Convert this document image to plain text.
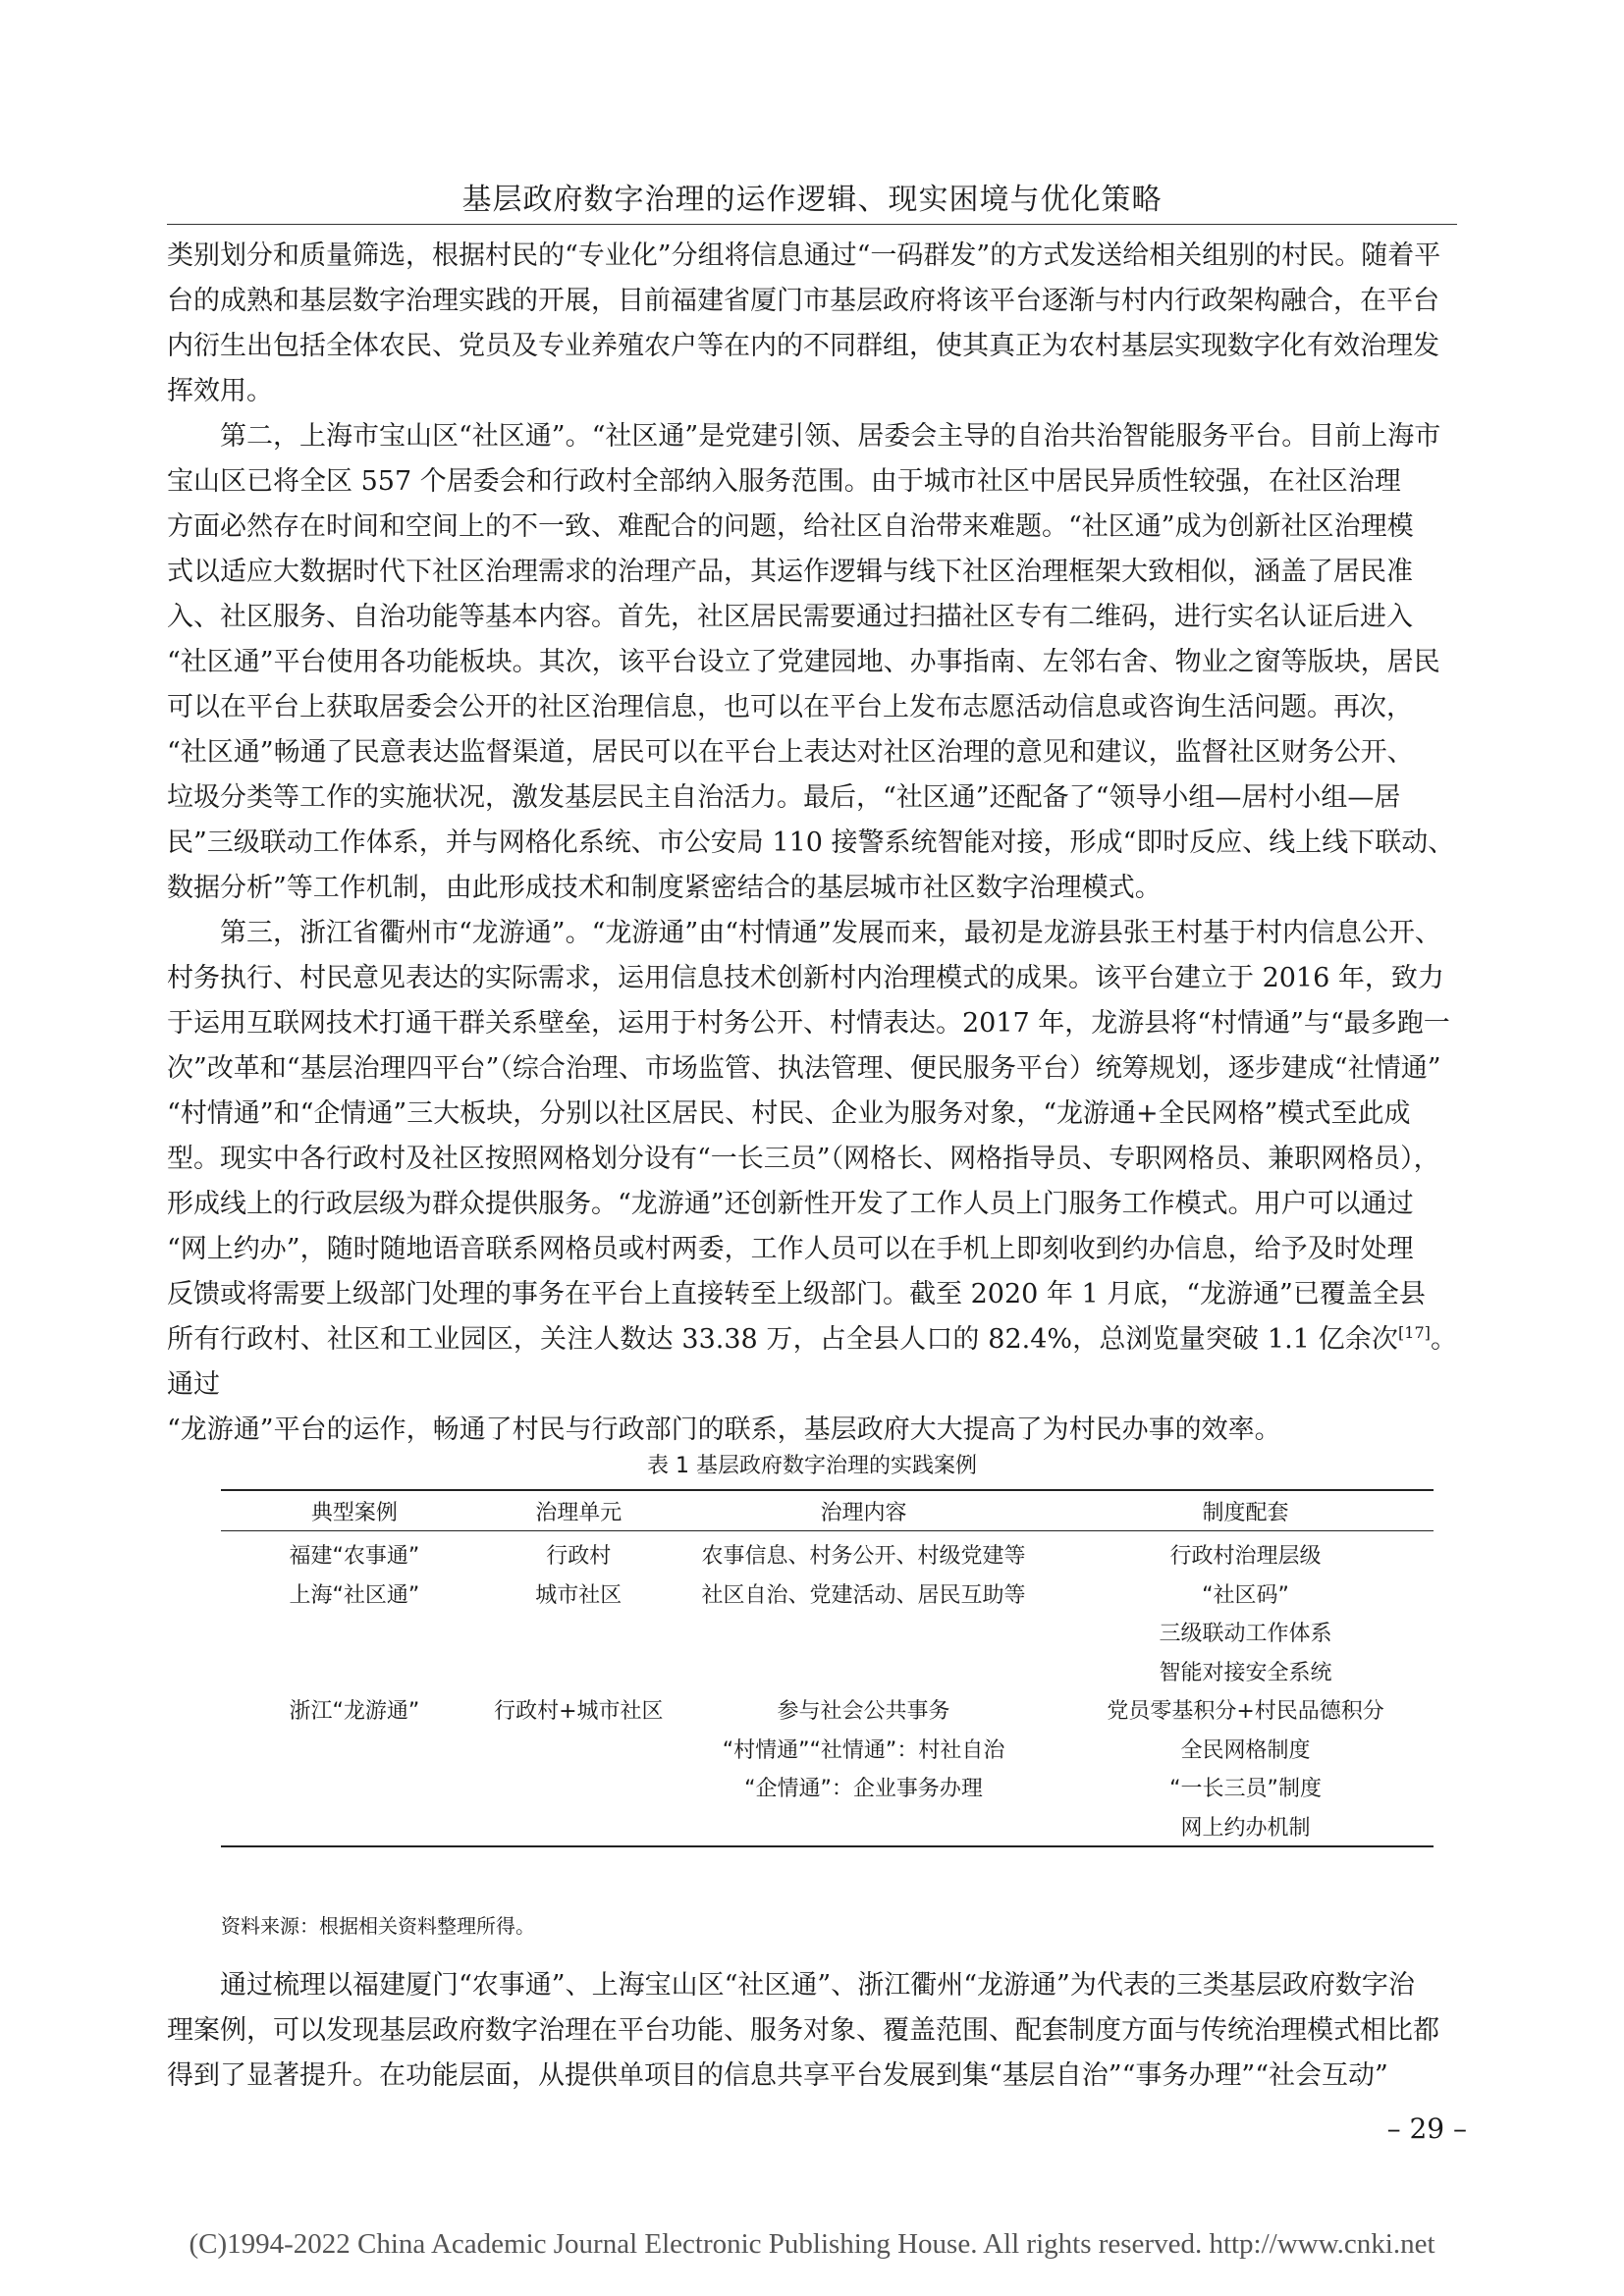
基层政府数字治理的运作逻辑、现实困境与优化策略

类别划分和质量筛选，根据村民的“专业化”分组将信息通过“一码群发”的方式发送给相关组别的村民。随着平
台的成熟和基层数字治理实践的开展，目前福建省厦门市基层政府将该平台逐渐与村内行政架构融合，在平台
内衍生出包括全体农民、党员及专业养殖农户等在内的不同群组，使其真正为农村基层实现数字化有效治理发
挥效用。

第二，上海市宝山区“社区通”。“社区通”是党建引领、居委会主导的自治共治智能服务平台。目前上海市
宝山区已将全区 557 个居委会和行政村全部纳入服务范围。由于城市社区中居民异质性较强，在社区治理
方面必然存在时间和空间上的不一致、难配合的问题，给社区自治带来难题。“社区通”成为创新社区治理模
式以适应大数据时代下社区治理需求的治理产品，其运作逻辑与线下社区治理框架大致相似，涵盖了居民准
入、社区服务、自治功能等基本内容。首先，社区居民需要通过扫描社区专有二维码，进行实名认证后进入
“社区通”平台使用各功能板块。其次，该平台设立了党建园地、办事指南、左邻右舍、物业之窗等版块，居民
可以在平台上获取居委会公开的社区治理信息，也可以在平台上发布志愿活动信息或咨询生活问题。再次，
“社区通”畅通了民意表达监督渠道，居民可以在平台上表达对社区治理的意见和建议，监督社区财务公开、
垃圾分类等工作的实施状况，激发基层民主自治活力。最后，“社区通”还配备了“领导小组—居村小组—居
民”三级联动工作体系，并与网格化系统、市公安局 110 接警系统智能对接，形成“即时反应、线上线下联动、
数据分析”等工作机制，由此形成技术和制度紧密结合的基层城市社区数字治理模式。

第三，浙江省衢州市“龙游通”。“龙游通”由“村情通”发展而来，最初是龙游县张王村基于村内信息公开、
村务执行、村民意见表达的实际需求，运用信息技术创新村内治理模式的成果。该平台建立于 2016 年，致力
于运用互联网技术打通干群关系壁垒，运用于村务公开、村情表达。2017 年，龙游县将“村情通”与“最多跑一
次”改革和“基层治理四平台”（综合治理、市场监管、执法管理、便民服务平台）统筹规划，逐步建成“社情通”
“村情通”和“企情通”三大板块，分别以社区居民、村民、企业为服务对象，“龙游通+全民网格”模式至此成
型。现实中各行政村及社区按照网格划分设有“一长三员”（网格长、网格指导员、专职网格员、兼职网格员），
形成线上的行政层级为群众提供服务。“龙游通”还创新性开发了工作人员上门服务工作模式。用户可以通过
“网上约办”，随时随地语音联系网格员或村两委，工作人员可以在手机上即刻收到约办信息，给予及时处理
反馈或将需要上级部门处理的事务在平台上直接转至上级部门。截至 2020 年 1 月底，“龙游通”已覆盖全县
所有行政村、社区和工业园区，关注人数达 33.38 万，占全县人口的 82.4%，总浏览量突破 1.1 亿余次[17]。通过
“龙游通”平台的运作，畅通了村民与行政部门的联系，基层政府大大提高了为村民办事的效率。

表 1 基层政府数字治理的实践案例
典型案例	治理单元	治理内容	制度配套
福建“农事通”	行政村	农事信息、村务公开、村级党建等	行政村治理层级
上海“社区通”	城市社区	社区自治、党建活动、居民互助等	“社区码”
			三级联动工作体系
			智能对接安全系统
浙江“龙游通”	行政村+城市社区	参与社会公共事务	党员零基积分+村民品德积分
		“村情通”“社情通”：村社自治	全民网格制度
		“企情通”：企业事务办理	“一长三员”制度
			网上约办机制
资料来源：根据相关资料整理所得。

通过梳理以福建厦门“农事通”、上海宝山区“社区通”、浙江衢州“龙游通”为代表的三类基层政府数字治
理案例，可以发现基层政府数字治理在平台功能、服务对象、覆盖范围、配套制度方面与传统治理模式相比都
得到了显著提升。在功能层面，从提供单项目的信息共享平台发展到集“基层自治”“事务办理”“社会互动”

– 29 –
(C)1994-2022 China Academic Journal Electronic Publishing House. All rights reserved. http://www.cnki.net
